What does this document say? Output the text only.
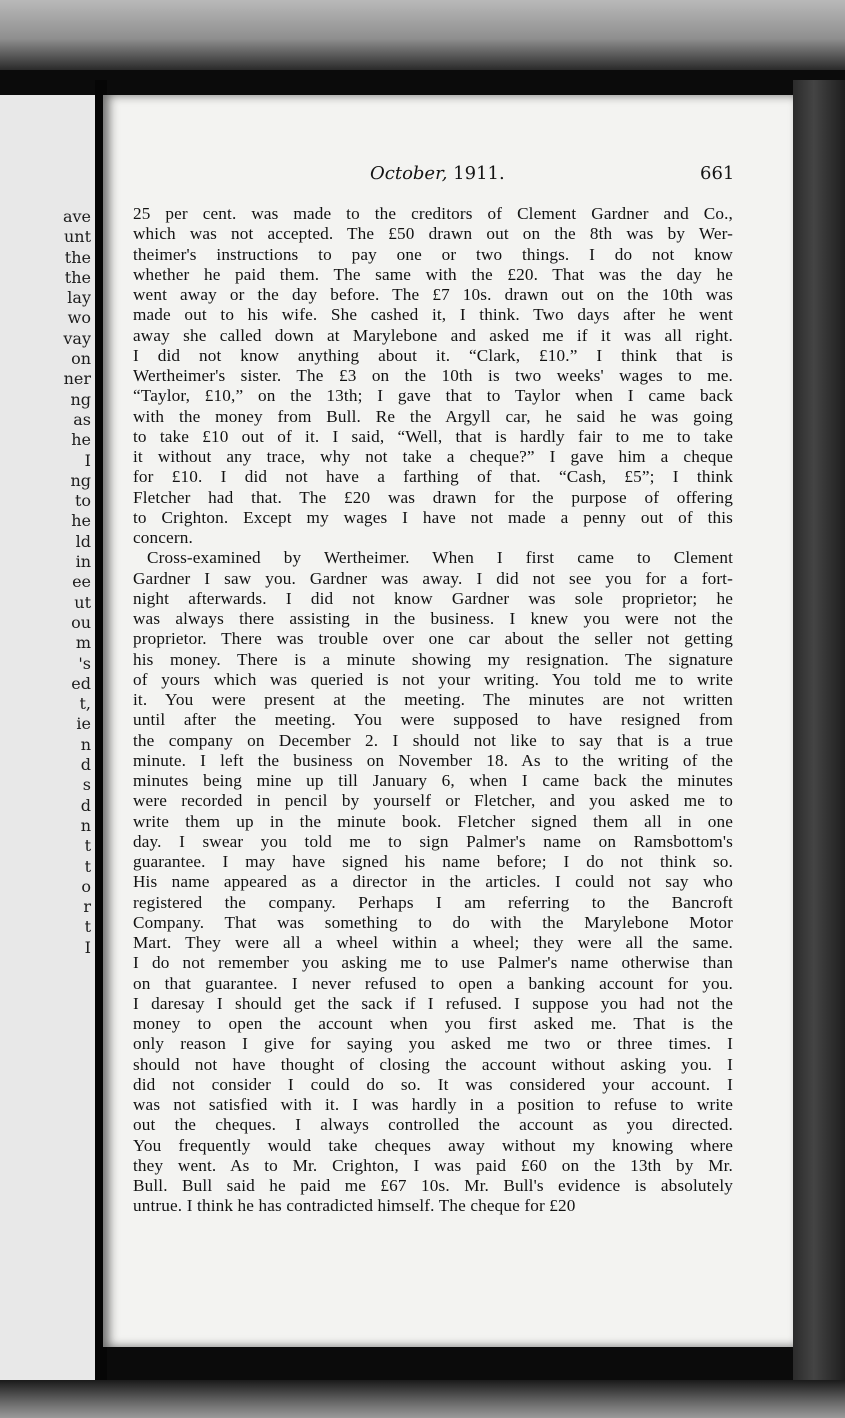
ave
unt
the
the
lay
wo
vay
on
ner
ng
as
he
I
ng
to
he
ld
in
ee
ut
ou
m
's
ed
t,
ie
n
d
s
d
n
t
t
o
r
t
I
October, 1911.	661
25 per cent. was made to the creditors of Clement Gardner and Co.,
which was not accepted. The £50 drawn out on the 8th was by Wer-
theimer's instructions to pay one or two things. I do not know
whether he paid them. The same with the £20. That was the day he
went away or the day before. The £7 10s. drawn out on the 10th was
made out to his wife. She cashed it, I think. Two days after he went
away she called down at Marylebone and asked me if it was all right.
I did not know anything about it. “Clark, £10.” I think that is
Wertheimer's sister. The £3 on the 10th is two weeks' wages to me.
“Taylor, £10,” on the 13th; I gave that to Taylor when I came back
with the money from Bull. Re the Argyll car, he said he was going
to take £10 out of it. I said, “Well, that is hardly fair to me to take
it without any trace, why not take a cheque?” I gave him a cheque
for £10. I did not have a farthing of that. “Cash, £5”; I think
Fletcher had that. The £20 was drawn for the purpose of offering
to Crighton. Except my wages I have not made a penny out of this
concern.
Cross-examined by Wertheimer. When I first came to Clement
Gardner I saw you. Gardner was away. I did not see you for a fort-
night afterwards. I did not know Gardner was sole proprietor; he
was always there assisting in the business. I knew you were not the
proprietor. There was trouble over one car about the seller not getting
his money. There is a minute showing my resignation. The signature
of yours which was queried is not your writing. You told me to write
it. You were present at the meeting. The minutes are not written
until after the meeting. You were supposed to have resigned from
the company on December 2. I should not like to say that is a true
minute. I left the business on November 18. As to the writing of the
minutes being mine up till January 6, when I came back the minutes
were recorded in pencil by yourself or Fletcher, and you asked me to
write them up in the minute book. Fletcher signed them all in one
day. I swear you told me to sign Palmer's name on Ramsbottom's
guarantee. I may have signed his name before; I do not think so.
His name appeared as a director in the articles. I could not say who
registered the company. Perhaps I am referring to the Bancroft
Company. That was something to do with the Marylebone Motor
Mart. They were all a wheel within a wheel; they were all the same.
I do not remember you asking me to use Palmer's name otherwise than
on that guarantee. I never refused to open a banking account for you.
I daresay I should get the sack if I refused. I suppose you had not the
money to open the account when you first asked me. That is the
only reason I give for saying you asked me two or three times. I
should not have thought of closing the account without asking you. I
did not consider I could do so. It was considered your account. I
was not satisfied with it. I was hardly in a position to refuse to write
out the cheques. I always controlled the account as you directed.
You frequently would take cheques away without my knowing where
they went. As to Mr. Crighton, I was paid £60 on the 13th by Mr.
Bull. Bull said he paid me £67 10s. Mr. Bull's evidence is absolutely
untrue. I think he has contradicted himself. The cheque for £20
